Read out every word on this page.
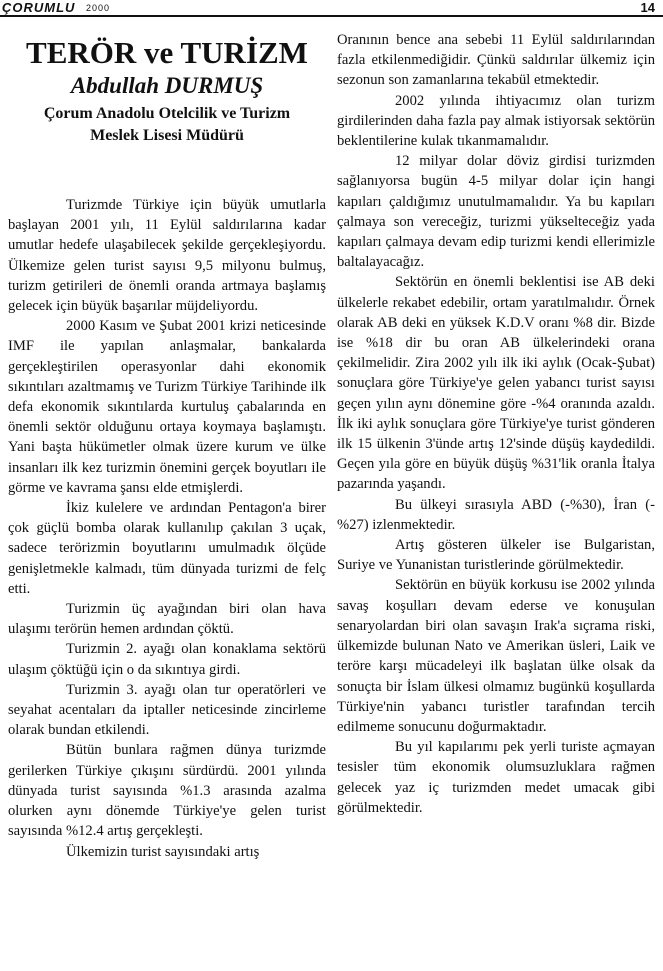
ÇORUMLU 2000	14
TERÖR ve TURİZM
Abdullah DURMUŞ
Çorum Anadolu Otelcilik ve Turizm
Meslek Lisesi Müdürü

Turizmde Türkiye için büyük umutlarla başlayan 2001 yılı, 11 Eylül saldırılarına kadar umutlar hedefe ulaşabilecek şekilde gerçekleşiyordu. Ülkemize gelen turist sayısı 9,5 milyonu bulmuş, turizm getirileri de önemli oranda artmaya başlamış gelecek için büyük başarılar müjdeliyordu.

2000 Kasım ve Şubat 2001 krizi neticesinde IMF ile yapılan anlaşmalar, bankalarda gerçekleştirilen operasyonlar dahi ekonomik sıkıntıları azaltmamış ve Turizm Türkiye Tarihinde ilk defa ekonomik sıkıntılarda kurtuluş çabalarında en önemli sektör olduğunu ortaya koymaya başlamıştı. Yani başta hükümetler olmak üzere kurum ve ülke insanları ilk kez turizmin önemini gerçek boyutları ile görme ve kavrama şansı elde etmişlerdi.

İkiz kulelere ve ardından Pentagon'a birer çok güçlü bomba olarak kullanılıp çakılan 3 uçak, sadece terörizmin boyutlarını umulmadık ölçüde genişletmekle kalmadı, tüm dünyada turizmi de felç etti.

Turizmin üç ayağından biri olan hava ulaşımı terörün hemen ardından çöktü.

Turizmin 2. ayağı olan konaklama sektörü ulaşım çöktüğü için o da sıkıntıya girdi.

Turizmin 3. ayağı olan tur operatörleri ve seyahat acentaları da iptaller neticesinde zincirleme olarak bundan etkilendi.

Bütün bunlara rağmen dünya turizmde gerilerken Türkiye çıkışını sürdürdü. 2001 yılında dünyada turist sayısında %1.3 arasında azalma olurken aynı dönemde Türkiye'ye gelen turist sayısında %12.4 artış gerçekleşti.

Ülkemizin turist sayısındaki artış

Oranının bence ana sebebi 11 Eylül saldırılarından fazla etkilenmediğidir. Çünkü saldırılar ülkemiz için sezonun son zamanlarına tekabül etmektedir.

2002 yılında ihtiyacımız olan turizm girdilerinden daha fazla pay almak istiyorsak sektörün beklentilerine kulak tıkanmamalıdır.

12 milyar dolar döviz girdisi turizmden sağlanıyorsa bugün 4-5 milyar dolar için hangi kapıları çaldığımız unutulmamalıdır. Ya bu kapıları çalmaya son vereceğiz, turizmi yükselteceğiz yada kapıları çalmaya devam edip turizmi kendi ellerimizle baltalayacağız.

Sektörün en önemli beklentisi ise AB deki ülkelerle rekabet edebilir, ortam yaratılmalıdır. Örnek olarak AB deki en yüksek K.D.V oranı %8 dir. Bizde ise %18 dir bu oran AB ülkelerindeki orana çekilmelidir. Zira 2002 yılı ilk iki aylık (Ocak-Şubat) sonuçlara göre Türkiye'ye gelen yabancı turist sayısı geçen yılın aynı dönemine göre -%4 oranında azaldı. İlk iki aylık sonuçlara göre Türkiye'ye turist gönderen ilk 15 ülkenin 3'ünde artış 12'sinde düşüş kaydedildi. Geçen yıla göre en büyük düşüş %31'lik oranla İtalya pazarında yaşandı.

Bu ülkeyi sırasıyla ABD (-%30), İran (-%27) izlenmektedir.

Artış gösteren ülkeler ise Bulgaristan, Suriye ve Yunanistan turistlerinde görülmektedir.

Sektörün en büyük korkusu ise 2002 yılında savaş koşulları devam ederse ve konuşulan senaryolardan biri olan savaşın Irak'a sıçrama riski, ülkemizde bulunan Nato ve Amerikan üsleri, Laik ve teröre karşı mücadeleyi ilk başlatan ülke olsak da sonuçta bir İslam ülkesi olmamız bugünkü koşullarda Türkiye'nin yabancı turistler tarafından tercih edilmeme sonucunu doğurmaktadır.

Bu yıl kapılarımı pek yerli turiste açmayan tesisler tüm ekonomik olumsuzluklara rağmen gelecek yaz iç turizmden medet umacak gibi görülmektedir.
